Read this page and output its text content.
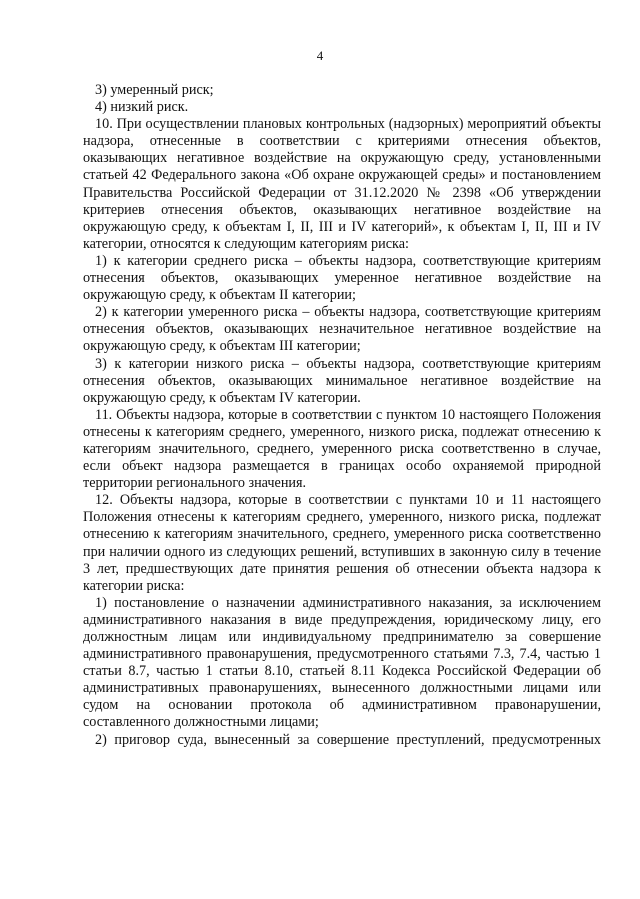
4

3) умеренный риск;

4) низкий риск.

10. При осуществлении плановых контрольных (надзорных) мероприятий объекты надзора, отнесенные в соответствии с критериями отнесения объектов, оказывающих негативное воздействие на окружающую среду, установленными статьей 42 Федерального закона «Об охране окружающей среды» и постановлением Правительства Российской Федерации от 31.12.2020 № 2398 «Об утверждении критериев отнесения объектов, оказывающих негативное воздействие на окружающую среду, к объектам I, II, III и IV категорий», к объектам I, II, III и IV категории, относятся к следующим категориям риска:

1) к категории среднего риска – объекты надзора, соответствующие критериям отнесения объектов, оказывающих умеренное негативное воздействие на окружающую среду, к объектам II категории;

2) к категории умеренного риска – объекты надзора, соответствующие критериям отнесения объектов, оказывающих незначительное негативное воздействие на окружающую среду, к объектам III категории;

3) к категории низкого риска – объекты надзора, соответствующие критериям отнесения объектов, оказывающих минимальное негативное воздействие на окружающую среду, к объектам IV категории.

11. Объекты надзора, которые в соответствии с пунктом 10 настоящего Положения отнесены к категориям среднего, умеренного, низкого риска, подлежат отнесению к категориям значительного, среднего, умеренного риска соответственно в случае, если объект надзора размещается в границах особо охраняемой природной территории регионального значения.

12. Объекты надзора, которые в соответствии с пунктами 10 и 11 настоящего Положения отнесены к категориям среднего, умеренного, низкого риска, подлежат отнесению к категориям значительного, среднего, умеренного риска соответственно при наличии одного из следующих решений, вступивших в законную силу в течение 3 лет, предшествующих дате принятия решения об отнесении объекта надзора к категории риска:

1) постановление о назначении административного наказания, за исключением административного наказания в виде предупреждения, юридическому лицу, его должностным лицам или индивидуальному предпринимателю за совершение административного правонарушения, предусмотренного статьями 7.3, 7.4, частью 1 статьи 8.7, частью 1 статьи 8.10, статьей 8.11 Кодекса Российской Федерации об административных правонарушениях, вынесенного должностными лицами или судом на основании протокола об административном правонарушении, составленного должностными лицами;

2) приговор суда, вынесенный за совершение преступлений, предусмотренных
